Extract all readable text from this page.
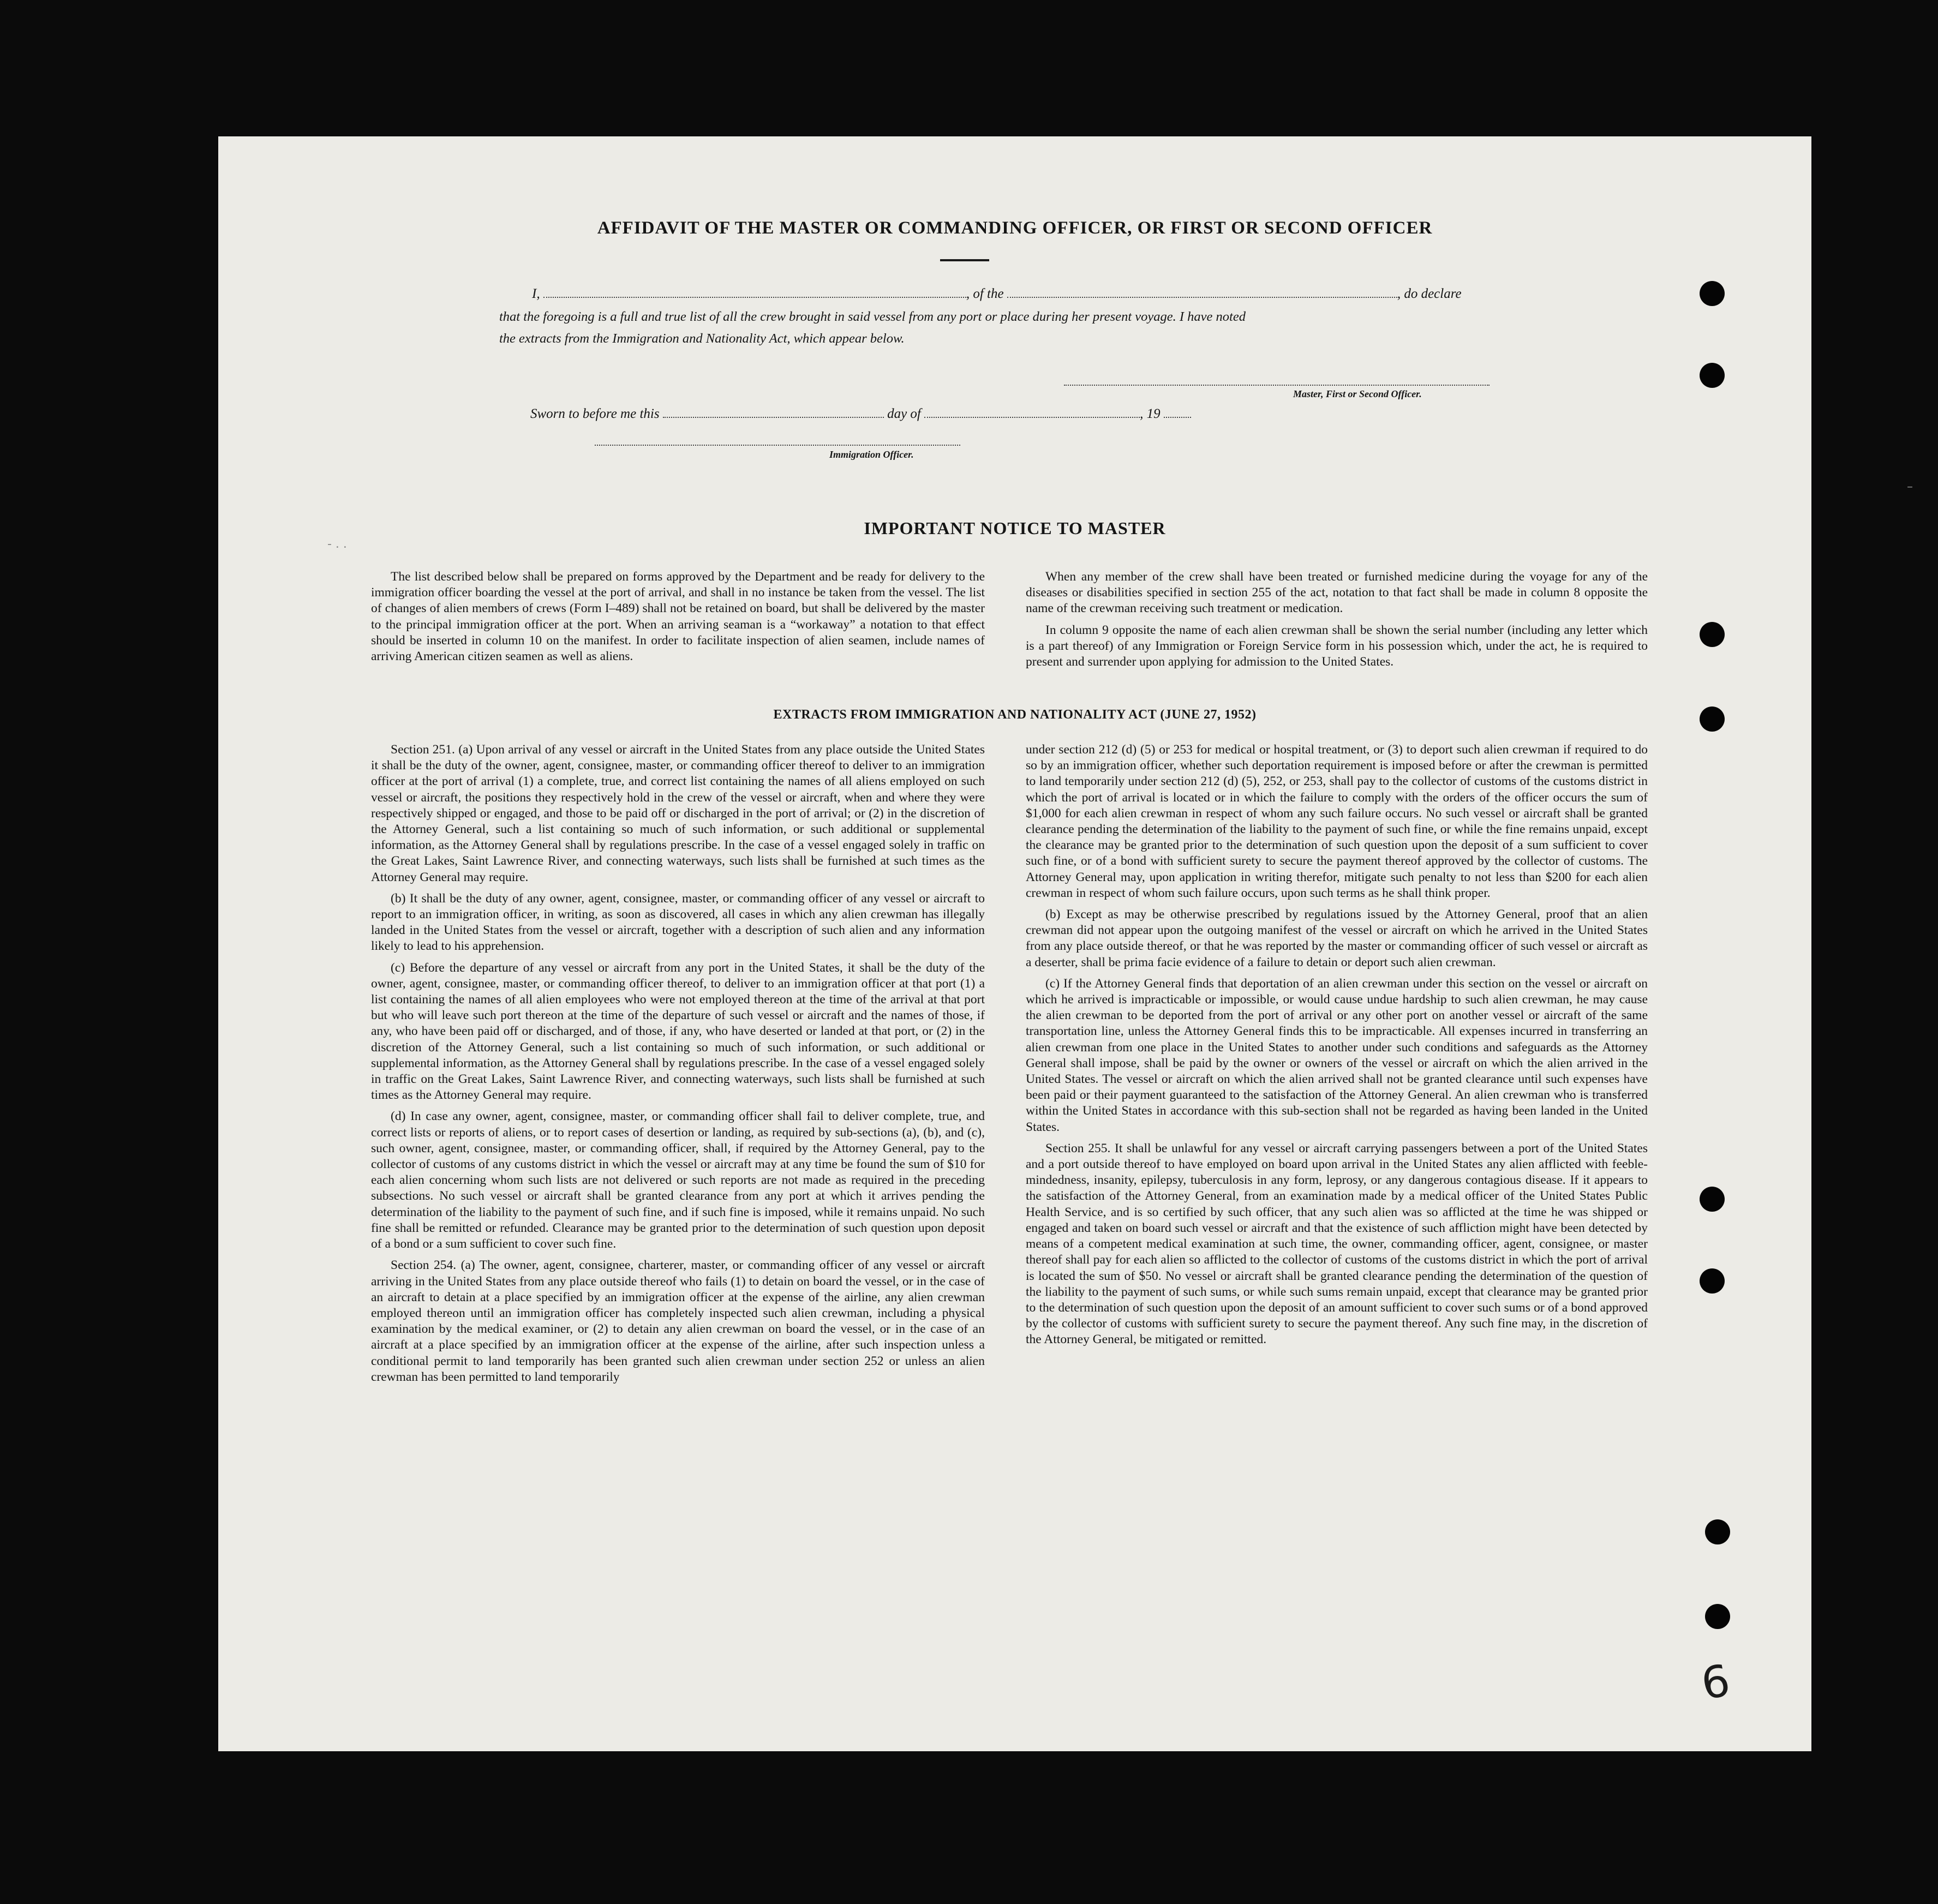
AFFIDAVIT OF THE MASTER OR COMMANDING OFFICER, OR FIRST OR SECOND OFFICER
I,	, of the	, do declare
that the foregoing is a full and true list of all the crew brought in said vessel from any port or place during her present voyage. I have noted
the extracts from the Immigration and Nationality Act, which appear below.
Master, First or Second Officer.
Sworn to before me this	day of	, 19
Immigration Officer.
IMPORTANT NOTICE TO MASTER

The list described below shall be prepared on forms approved by the Department and be ready for delivery to the immigration officer boarding the vessel at the port of arrival, and shall in no instance be taken from the vessel. The list of changes of alien members of crews (Form I–489) shall not be retained on board, but shall be delivered by the master to the principal immigration officer at the port. When an arriving seaman is a “workaway” a notation to that effect should be inserted in column 10 on the manifest. In order to facilitate inspection of alien seamen, include names of arriving American citizen seamen as well as aliens.

When any member of the crew shall have been treated or furnished medicine during the voyage for any of the diseases or disabilities specified in section 255 of the act, notation to that fact shall be made in column 8 opposite the name of the crewman receiving such treatment or medication.

In column 9 opposite the name of each alien crewman shall be shown the serial number (including any letter which is a part thereof) of any Immigration or Foreign Service form in his possession which, under the act, he is required to present and surrender upon applying for admission to the United States.

EXTRACTS FROM IMMIGRATION AND NATIONALITY ACT (JUNE 27, 1952)

Section 251. (a) Upon arrival of any vessel or aircraft in the United States from any place outside the United States it shall be the duty of the owner, agent, consignee, master, or commanding officer thereof to deliver to an immigration officer at the port of arrival (1) a complete, true, and correct list containing the names of all aliens employed on such vessel or aircraft, the positions they respectively hold in the crew of the vessel or aircraft, when and where they were respectively shipped or engaged, and those to be paid off or discharged in the port of arrival; or (2) in the discretion of the Attorney General, such a list containing so much of such information, or such additional or supplemental information, as the Attorney General shall by regulations prescribe. In the case of a vessel engaged solely in traffic on the Great Lakes, Saint Lawrence River, and connecting waterways, such lists shall be furnished at such times as the Attorney General may require.

(b) It shall be the duty of any owner, agent, consignee, master, or commanding officer of any vessel or aircraft to report to an immigration officer, in writing, as soon as discovered, all cases in which any alien crewman has illegally landed in the United States from the vessel or aircraft, together with a description of such alien and any information likely to lead to his apprehension.

(c) Before the departure of any vessel or aircraft from any port in the United States, it shall be the duty of the owner, agent, consignee, master, or commanding officer thereof, to deliver to an immigration officer at that port (1) a list containing the names of all alien employees who were not employed thereon at the time of the arrival at that port but who will leave such port thereon at the time of the departure of such vessel or aircraft and the names of those, if any, who have been paid off or discharged, and of those, if any, who have deserted or landed at that port, or (2) in the discretion of the Attorney General, such a list containing so much of such information, or such additional or supplemental information, as the Attorney General shall by regulations prescribe. In the case of a vessel engaged solely in traffic on the Great Lakes, Saint Lawrence River, and connecting waterways, such lists shall be furnished at such times as the Attorney General may require.

(d) In case any owner, agent, consignee, master, or commanding officer shall fail to deliver complete, true, and correct lists or reports of aliens, or to report cases of desertion or landing, as required by sub-sections (a), (b), and (c), such owner, agent, consignee, master, or commanding officer, shall, if required by the Attorney General, pay to the collector of customs of any customs district in which the vessel or aircraft may at any time be found the sum of $10 for each alien concerning whom such lists are not delivered or such reports are not made as required in the preceding subsections. No such vessel or aircraft shall be granted clearance from any port at which it arrives pending the determination of the liability to the payment of such fine, and if such fine is imposed, while it remains unpaid. No such fine shall be remitted or refunded. Clearance may be granted prior to the determination of such question upon deposit of a bond or a sum sufficient to cover such fine.

Section 254. (a) The owner, agent, consignee, charterer, master, or commanding officer of any vessel or aircraft arriving in the United States from any place outside thereof who fails (1) to detain on board the vessel, or in the case of an aircraft to detain at a place specified by an immigration officer at the expense of the airline, any alien crewman employed thereon until an immigration officer has completely inspected such alien crewman, including a physical examination by the medical examiner, or (2) to detain any alien crewman on board the vessel, or in the case of an aircraft at a place specified by an immigration officer at the expense of the airline, after such inspection unless a conditional permit to land temporarily has been granted such alien crewman under section 252 or unless an alien crewman has been permitted to land temporarily

under section 212 (d) (5) or 253 for medical or hospital treatment, or (3) to deport such alien crewman if required to do so by an immigration officer, whether such deportation requirement is imposed before or after the crewman is permitted to land temporarily under section 212 (d) (5), 252, or 253, shall pay to the collector of customs of the customs district in which the port of arrival is located or in which the failure to comply with the orders of the officer occurs the sum of $1,000 for each alien crewman in respect of whom any such failure occurs. No such vessel or aircraft shall be granted clearance pending the determination of the liability to the payment of such fine, or while the fine remains unpaid, except the clearance may be granted prior to the determination of such question upon the deposit of a sum sufficient to cover such fine, or of a bond with sufficient surety to secure the payment thereof approved by the collector of customs. The Attorney General may, upon application in writing therefor, mitigate such penalty to not less than $200 for each alien crewman in respect of whom such failure occurs, upon such terms as he shall think proper.

(b) Except as may be otherwise prescribed by regulations issued by the Attorney General, proof that an alien crewman did not appear upon the outgoing manifest of the vessel or aircraft on which he arrived in the United States from any place outside thereof, or that he was reported by the master or commanding officer of such vessel or aircraft as a deserter, shall be prima facie evidence of a failure to detain or deport such alien crewman.

(c) If the Attorney General finds that deportation of an alien crewman under this section on the vessel or aircraft on which he arrived is impracticable or impossible, or would cause undue hardship to such alien crewman, he may cause the alien crewman to be deported from the port of arrival or any other port on another vessel or aircraft of the same transportation line, unless the Attorney General finds this to be impracticable. All expenses incurred in transferring an alien crewman from one place in the United States to another under such conditions and safeguards as the Attorney General shall impose, shall be paid by the owner or owners of the vessel or aircraft on which the alien arrived in the United States. The vessel or aircraft on which the alien arrived shall not be granted clearance until such expenses have been paid or their payment guaranteed to the satisfaction of the Attorney General. An alien crewman who is transferred within the United States in accordance with this sub-section shall not be regarded as having been landed in the United States.

Section 255. It shall be unlawful for any vessel or aircraft carrying passengers between a port of the United States and a port outside thereof to have employed on board upon arrival in the United States any alien afflicted with feeble-mindedness, insanity, epilepsy, tuberculosis in any form, leprosy, or any dangerous contagious disease. If it appears to the satisfaction of the Attorney General, from an examination made by a medical officer of the United States Public Health Service, and is so certified by such officer, that any such alien was so afflicted at the time he was shipped or engaged and taken on board such vessel or aircraft and that the existence of such affliction might have been detected by means of a competent medical examination at such time, the owner, commanding officer, agent, consignee, or master thereof shall pay for each alien so afflicted to the collector of customs of the customs district in which the port of arrival is located the sum of $50. No vessel or aircraft shall be granted clearance pending the determination of the question of the liability to the payment of such sums, or while such sums remain unpaid, except that clearance may be granted prior to the determination of such question upon the deposit of an amount sufficient to cover such sums or of a bond approved by the collector of customs with sufficient surety to secure the payment thereof. Any such fine may, in the discretion of the Attorney General, be mitigated or remitted.

6
–
- . .
